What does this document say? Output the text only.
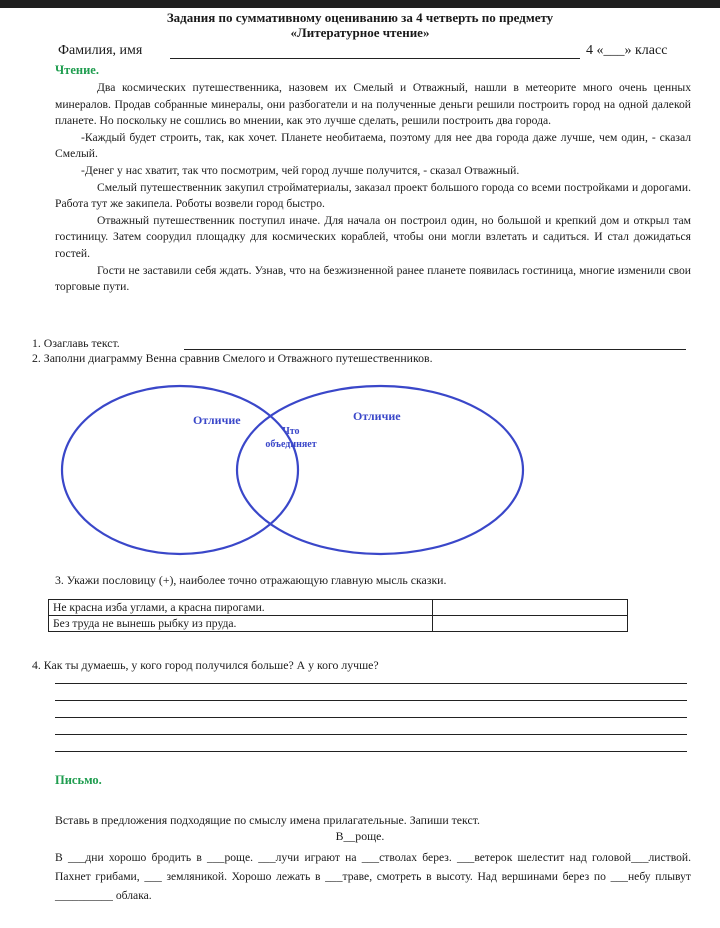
Задания по суммативному оцениванию за 4 четверть по предмету
«Литературное чтение»
Фамилия, имя	4 «___» класс
Чтение.

Два космических путешественника, назовем их Смелый и Отважный, нашли в метеорите много очень ценных минералов. Продав собранные минералы, они разбогатели и на полученные деньги решили построить город на одной далекой планете. Но поскольку не сошлись во мнении, как это лучше сделать, решили построить два города.

-Каждый будет строить, так, как хочет. Планете необитаема, поэтому для нее два города даже лучше, чем один, - сказал Смелый.

-Денег у нас хватит, так что посмотрим, чей город лучше получится, - сказал Отважный.

Смелый путешественник закупил стройматериалы, заказал проект большого города со всеми постройками и дорогами. Работа тут же закипела. Роботы возвели город быстро.

Отважный путешественник поступил иначе. Для начала он построил один, но большой и крепкий дом и открыл там гостиницу. Затем соорудил площадку для космических кораблей, чтобы они могли взлетать и садиться. И стал дожидаться гостей.

Гости не заставили себя ждать. Узнав, что на безжизненной ранее планете появилась гостиница, многие изменили свои торговые пути.

1. Озаглавь текст.
2. Заполни диаграмму Венна сравнив Смелого и Отважного путешественников.
Отличие	Отличие
Что
объединяет
3. Укажи пословицу (+), наиболее точно отражающую главную мысль сказки.
Не красна изба углами, а красна пирогами.	
Без труда не вынешь рыбку из пруда.	
4. Как ты думаешь, у кого город получился больше? А у кого лучше?
Письмо.
Вставь в предложения подходящие по смыслу имена прилагательные. Запиши текст.
В__роще.
В ___дни хорошо бродить в ___роще. ___лучи играют на ___стволах берез. ___ветерок шелестит над головой___листвой. Пахнет грибами, ___ земляникой. Хорошо лежать в ___траве, смотреть в высоту. Над вершинами берез по ___небу плывут __________ облака.
